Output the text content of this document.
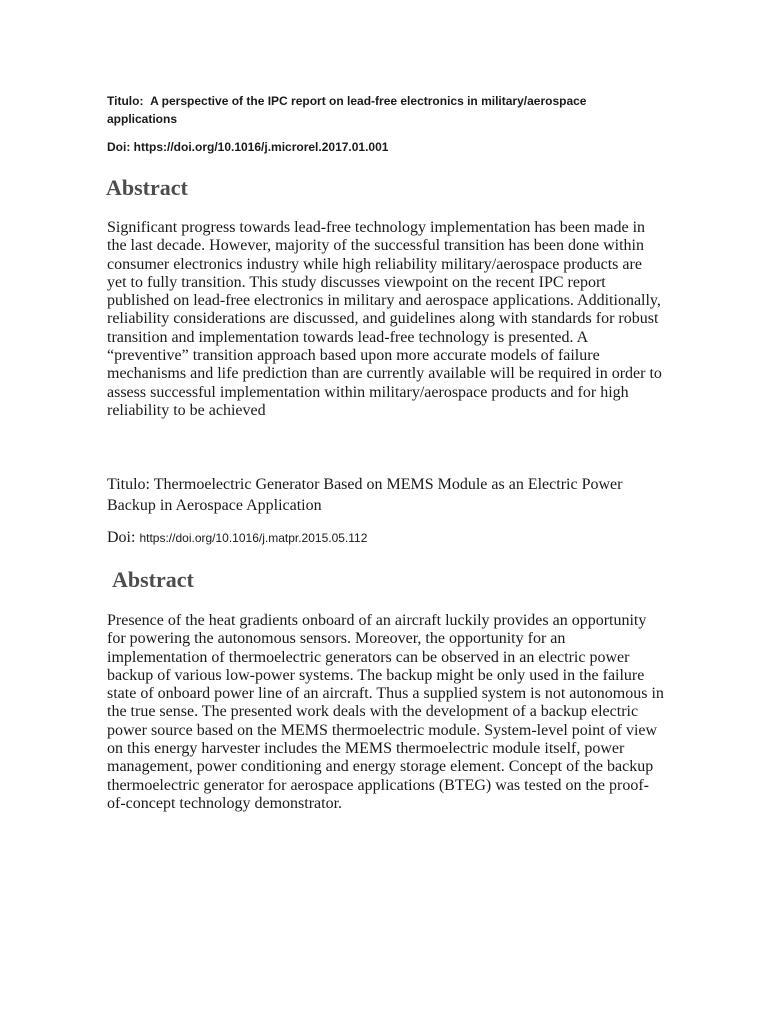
Titulo: A perspective of the IPC report on lead-free electronics in military/aerospace applications
Doi: https://doi.org/10.1016/j.microrel.2017.01.001
Abstract

Significant progress towards lead-free technology implementation has been made in the last decade. However, majority of the successful transition has been done within consumer electronics industry while high reliability military/aerospace products are yet to fully transition. This study discusses viewpoint on the recent IPC report published on lead-free electronics in military and aerospace applications. Additionally, reliability considerations are discussed, and guidelines along with standards for robust transition and implementation towards lead-free technology is presented. A “preventive” transition approach based upon more accurate models of failure mechanisms and life prediction than are currently available will be required in order to assess successful implementation within military/aerospace products and for high reliability to be achieved

Titulo: Thermoelectric Generator Based on MEMS Module as an Electric Power Backup in Aerospace Application

Doi: https://doi.org/10.1016/j.matpr.2015.05.112
Abstract

Presence of the heat gradients onboard of an aircraft luckily provides an opportunity for powering the autonomous sensors. Moreover, the opportunity for an implementation of thermoelectric generators can be observed in an electric power backup of various low-power systems. The backup might be only used in the failure state of onboard power line of an aircraft. Thus a supplied system is not autonomous in the true sense. The presented work deals with the development of a backup electric power source based on the MEMS thermoelectric module. System-level point of view on this energy harvester includes the MEMS thermoelectric module itself, power management, power conditioning and energy storage element. Concept of the backup thermoelectric generator for aerospace applications (BTEG) was tested on the proof-of-concept technology demonstrator.
